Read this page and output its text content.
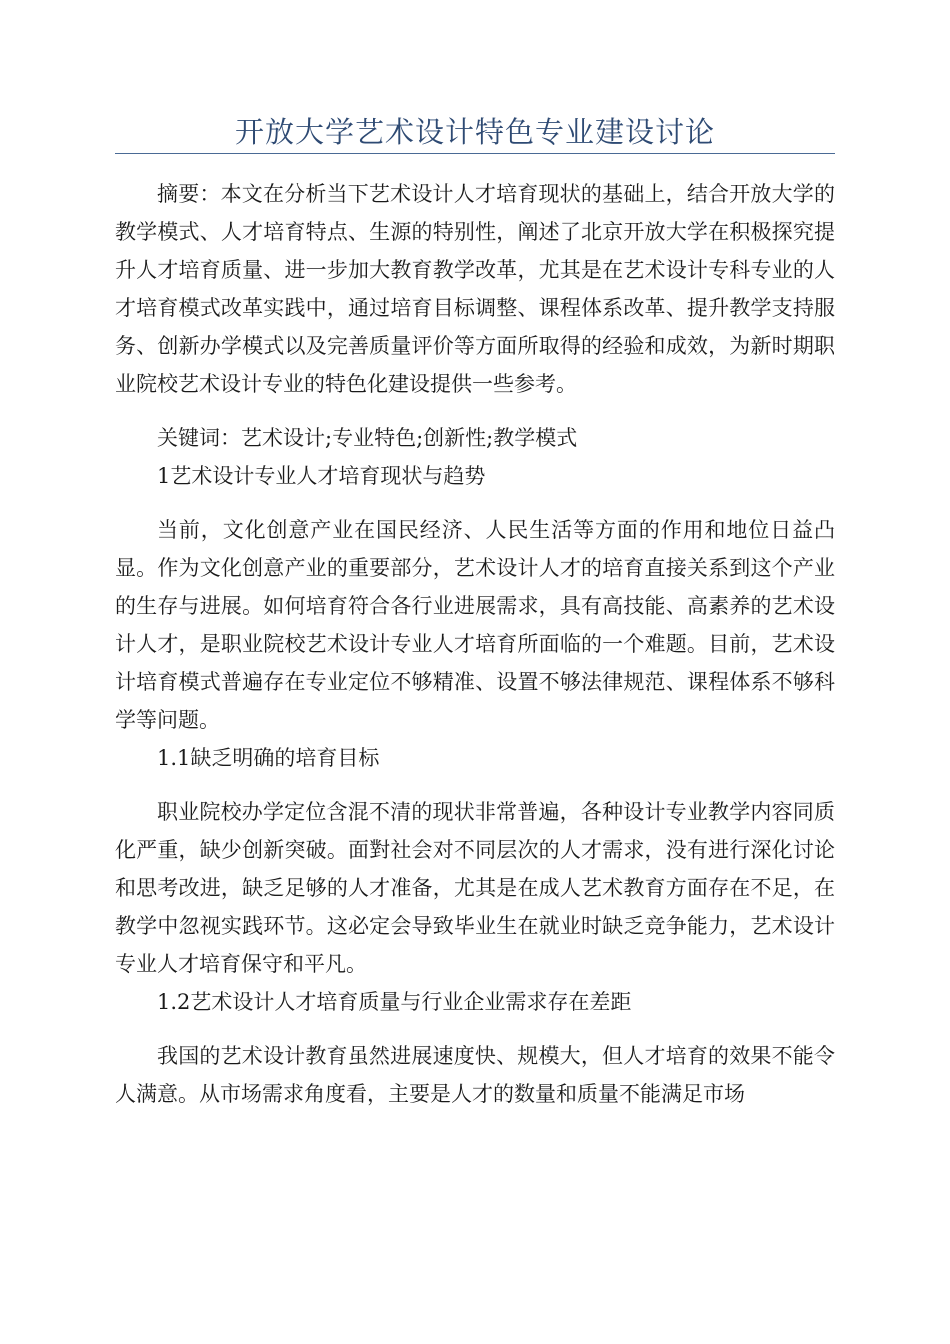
开放大学艺术设计特色专业建设讨论

摘要：本文在分析当下艺术设计人才培育现状的基础上，结合开放大学的教学模式、人才培育特点、生源的特别性，阐述了北京开放大学在积极探究提升人才培育质量、进一步加大教育教学改革，尤其是在艺术设计专科专业的人才培育模式改革实践中，通过培育目标调整、课程体系改革、提升教学支持服务、创新办学模式以及完善质量评价等方面所取得的经验和成效，为新时期职业院校艺术设计专业的特色化建设提供一些参考。

关键词：艺术设计;专业特色;创新性;教学模式

1艺术设计专业人才培育现状与趋势

当前，文化创意产业在国民经济、人民生活等方面的作用和地位日益凸显。作为文化创意产业的重要部分，艺术设计人才的培育直接关系到这个产业的生存与进展。如何培育符合各行业进展需求，具有高技能、高素养的艺术设计人才，是职业院校艺术设计专业人才培育所面临的一个难题。目前，艺术设计培育模式普遍存在专业定位不够精准、设置不够法律规范、课程体系不够科学等问题。

1.1缺乏明确的培育目标

职业院校办学定位含混不清的现状非常普遍，各种设计专业教学内容同质化严重，缺少创新突破。面對社会对不同层次的人才需求，没有进行深化讨论和思考改进，缺乏足够的人才准备，尤其是在成人艺术教育方面存在不足，在教学中忽视实践环节。这必定会导致毕业生在就业时缺乏竞争能力，艺术设计专业人才培育保守和平凡。

1.2艺术设计人才培育质量与行业企业需求存在差距

我国的艺术设计教育虽然进展速度快、规模大，但人才培育的效果不能令人满意。从市场需求角度看，主要是人才的数量和质量不能满足市场
